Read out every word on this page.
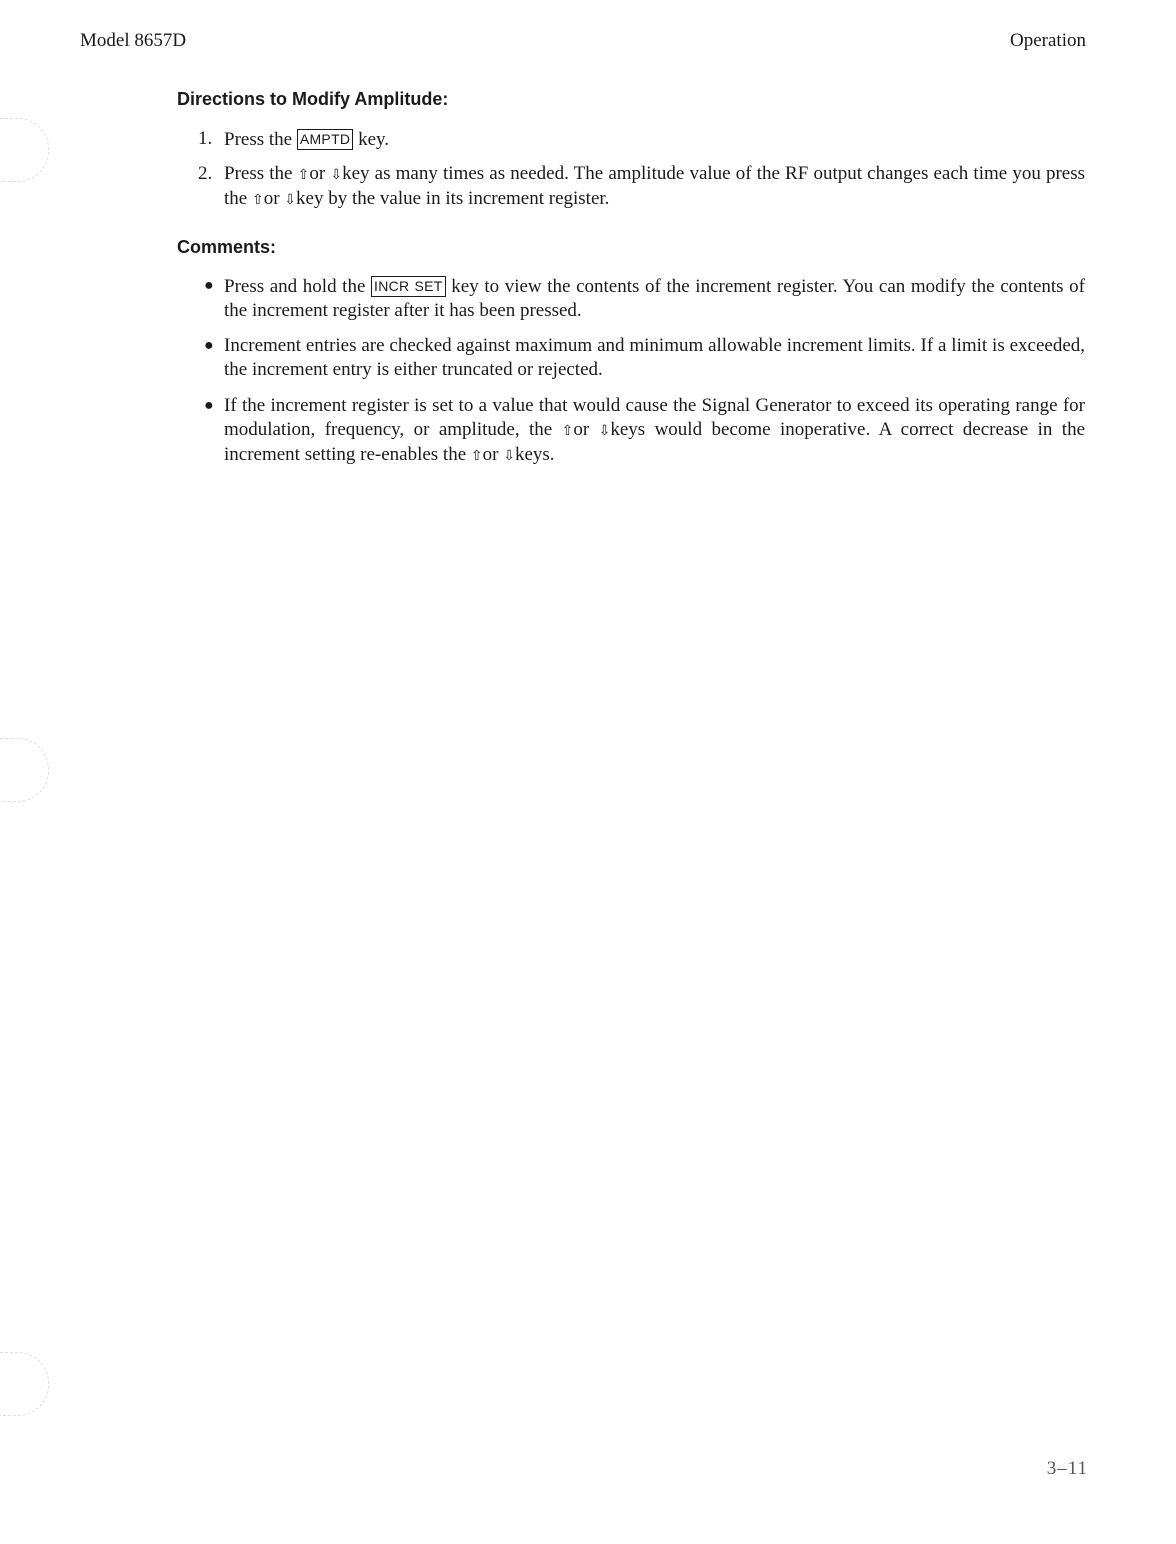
Model 8657D	Operation
Directions to Modify Amplitude:
1. Press the AMPTD key.
2. Press the ⇧or ⇩key as many times as needed. The amplitude value of the RF output changes each time you press the ⇧or ⇩key by the value in its increment register.
Comments:
● Press and hold the INCR SET key to view the contents of the increment register. You can modify the contents of the increment register after it has been pressed.
● Increment entries are checked against maximum and minimum allowable increment limits. If a limit is exceeded, the increment entry is either truncated or rejected.
● If the increment register is set to a value that would cause the Signal Generator to exceed its operating range for modulation, frequency, or amplitude, the ⇧or ⇩keys would become inoperative. A correct decrease in the increment setting re-enables the ⇧or ⇩keys.
3–11
